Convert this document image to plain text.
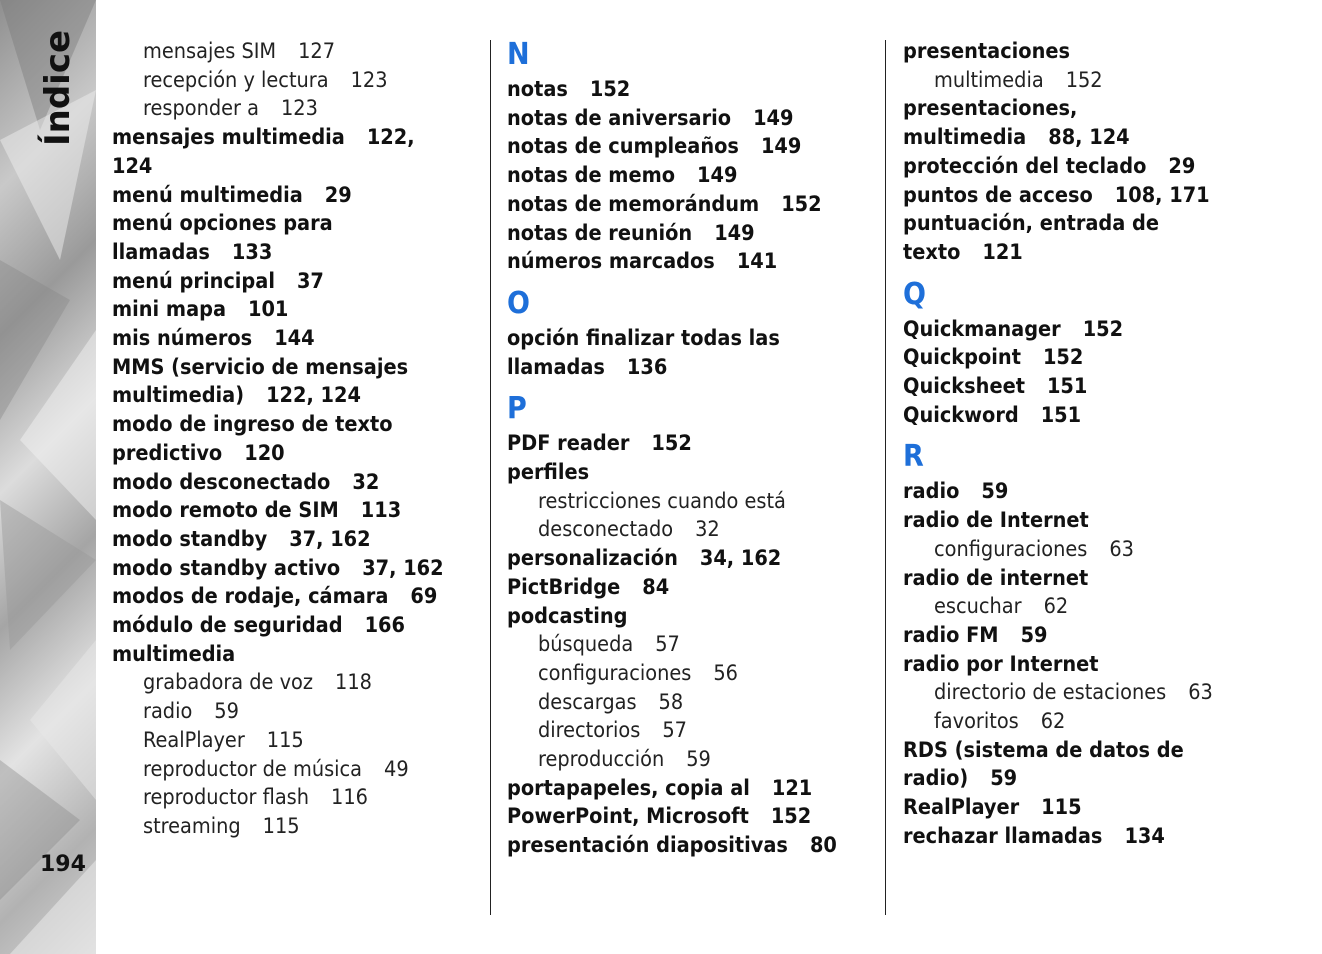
Índice
194
mensajes SIM 127
recepción y lectura 123
responder a 123
mensajes multimedia 122,
124
menú multimedia 29
menú opciones para
llamadas 133
menú principal 37
mini mapa 101
mis números 144
MMS (servicio de mensajes
multimedia) 122, 124
modo de ingreso de texto
predictivo 120
modo desconectado 32
modo remoto de SIM 113
modo standby 37, 162
modo standby activo 37, 162
modos de rodaje, cámara 69
módulo de seguridad 166
multimedia
grabadora de voz 118
radio 59
RealPlayer 115
reproductor de música 49
reproductor flash 116
streaming 115
N
notas 152
notas de aniversario 149
notas de cumpleaños 149
notas de memo 149
notas de memorándum 152
notas de reunión 149
números marcados 141
O
opción finalizar todas las
llamadas 136
P
PDF reader 152
perfiles
restricciones cuando está
desconectado 32
personalización 34, 162
PictBridge 84
podcasting
búsqueda 57
configuraciones 56
descargas 58
directorios 57
reproducción 59
portapapeles, copia al 121
PowerPoint, Microsoft 152
presentación diapositivas 80
presentaciones
multimedia 152
presentaciones,
multimedia 88, 124
protección del teclado 29
puntos de acceso 108, 171
puntuación, entrada de
texto 121
Q
Quickmanager 152
Quickpoint 152
Quicksheet 151
Quickword 151
R
radio 59
radio de Internet
configuraciones 63
radio de internet
escuchar 62
radio FM 59
radio por Internet
directorio de estaciones 63
favoritos 62
RDS (sistema de datos de
radio) 59
RealPlayer 115
rechazar llamadas 134
